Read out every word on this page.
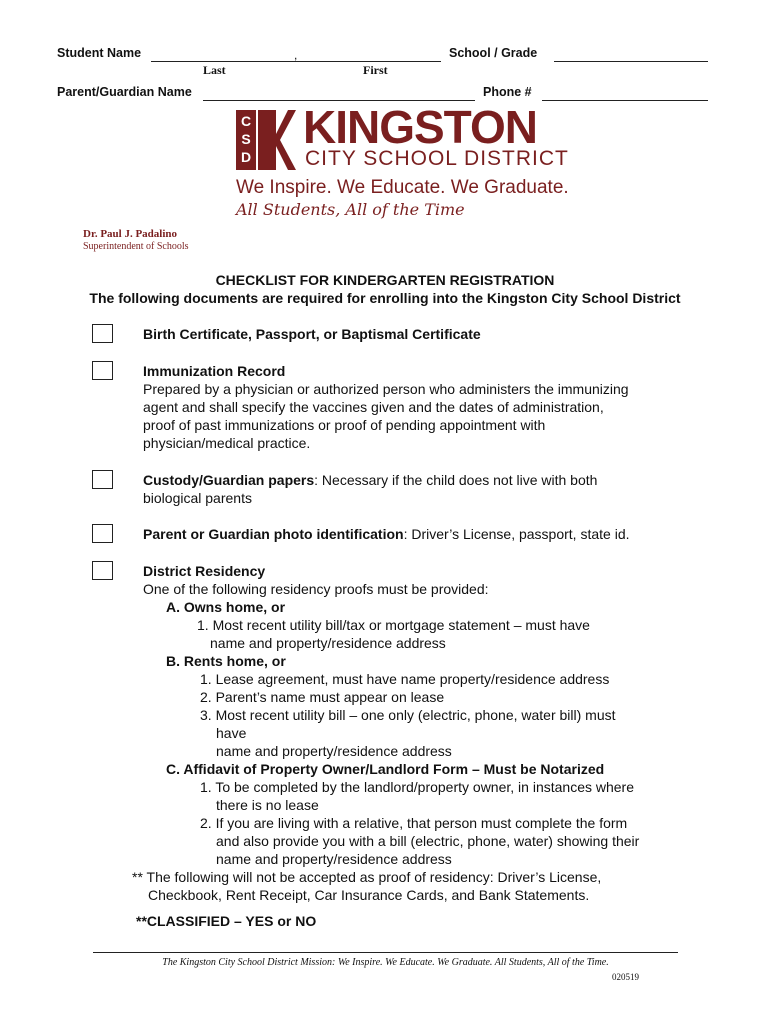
Student Name	,
Last	First
School / Grade
Parent/Guardian Name	Phone #
C
S
D
KINGSTON
CITY SCHOOL DISTRICT
We Inspire. We Educate. We Graduate.
All Students, All of the Time
Dr. Paul J. Padalino
Superintendent of Schools
CHECKLIST FOR KINDERGARTEN REGISTRATION
The following documents are required for enrolling into the Kingston City School District
Birth Certificate, Passport, or Baptismal Certificate
Immunization Record
Prepared by a physician or authorized person who administers the immunizing
agent and shall specify the vaccines given and the dates of administration,
proof of past immunizations or proof of pending appointment with
physician/medical practice.
Custody/Guardian papers: Necessary if the child does not live with both biological parents
Parent or Guardian photo identification: Driver’s License, passport, state id.
District Residency
One of the following residency proofs must be provided:
A. Owns home, or
1. Most recent utility bill/tax or mortgage statement – must have
name and property/residence address
B. Rents home, or
1. Lease agreement, must have name property/residence address
2. Parent’s name must appear on lease
3. Most recent utility bill – one only (electric, phone, water bill) must
have
name and property/residence address
C. Affidavit of Property Owner/Landlord Form – Must be Notarized
1. To be completed by the landlord/property owner, in instances where
there is no lease
2. If you are living with a relative, that person must complete the form
and also provide you with a bill (electric, phone, water) showing their
name and property/residence address
** The following will not be accepted as proof of residency: Driver’s License,
Checkbook, Rent Receipt, Car Insurance Cards, and Bank Statements.
**CLASSIFIED – YES or NO
The Kingston City School District Mission: We Inspire. We Educate. We Graduate. All Students, All of the Time.
020519
